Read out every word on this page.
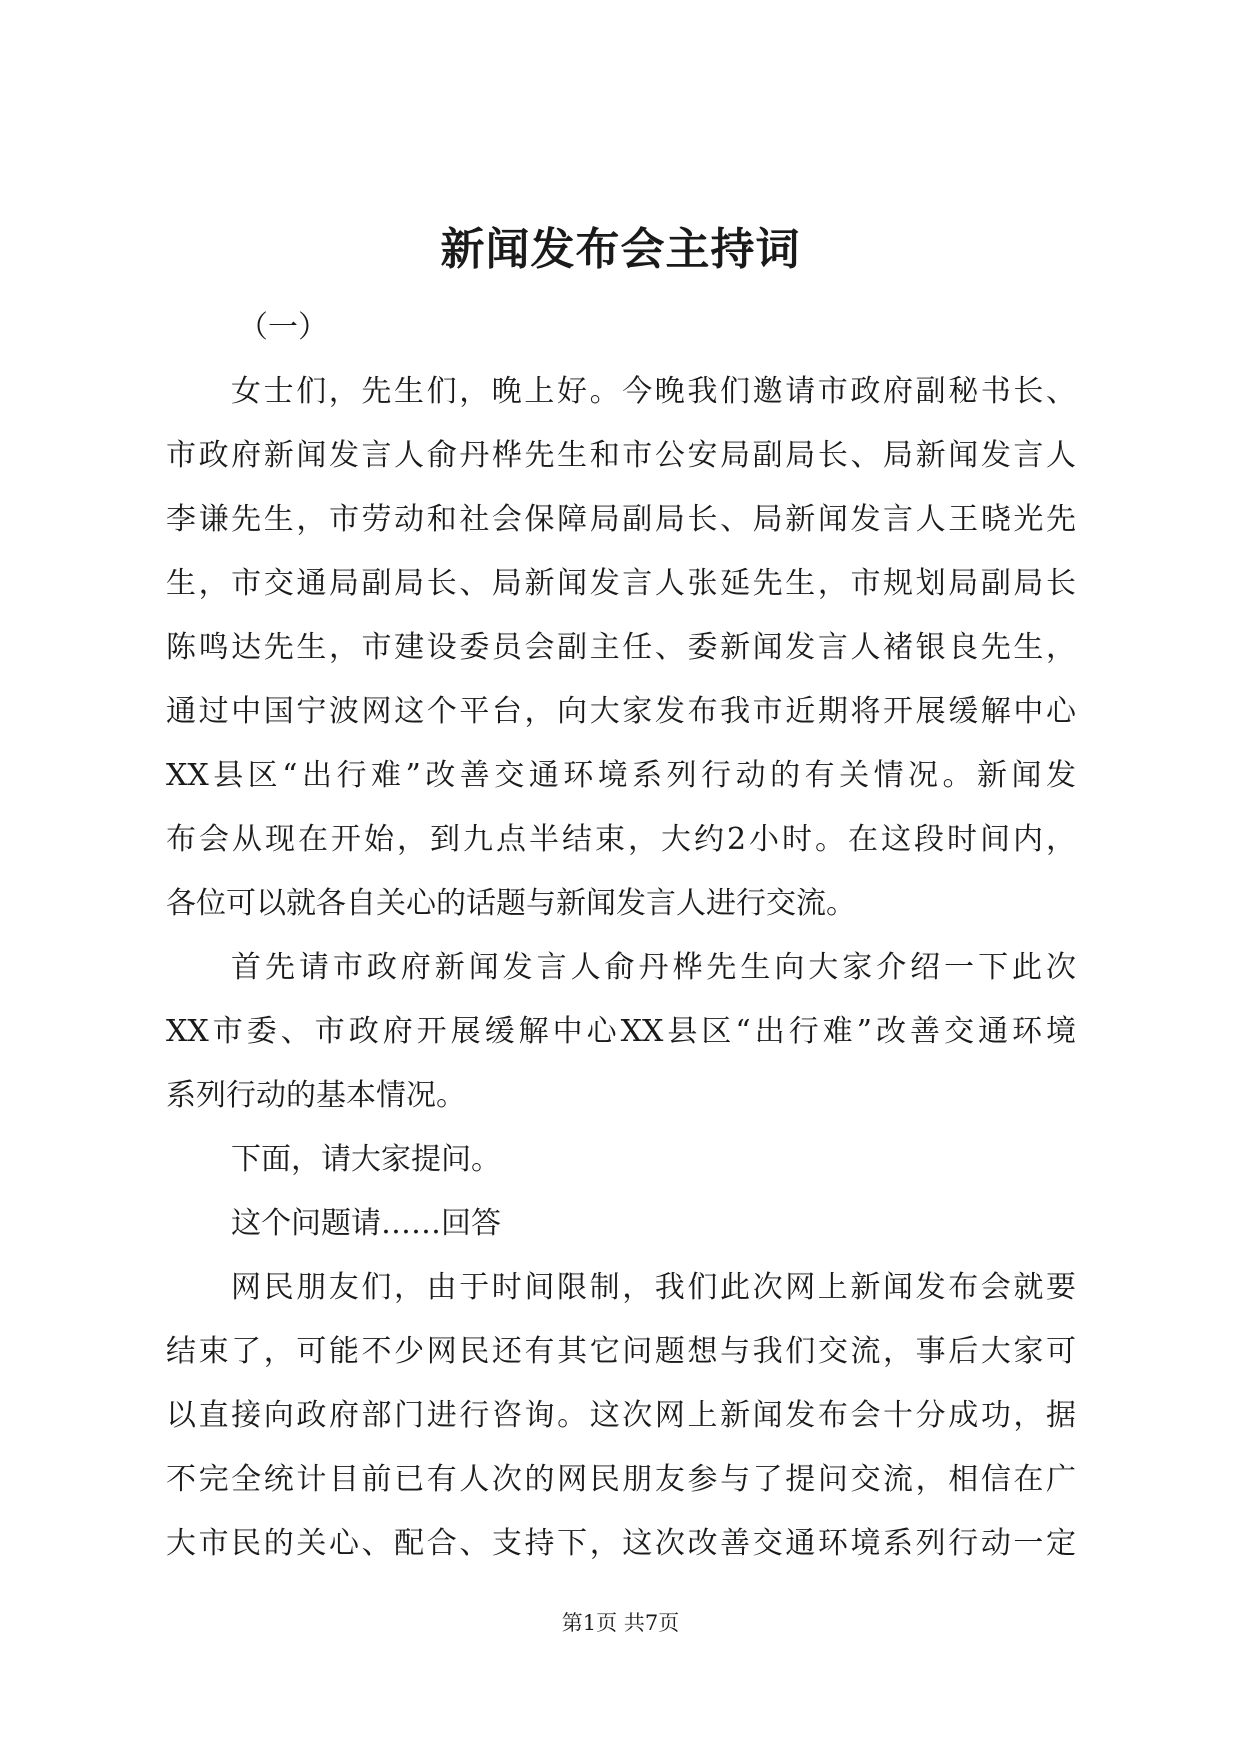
新闻发布会主持词
（一）
女士们，先生们，晚上好。今晚我们邀请市政府副秘书长、
市政府新闻发言人俞丹桦先生和市公安局副局长、局新闻发言人
李谦先生，市劳动和社会保障局副局长、局新闻发言人王晓光先
生，市交通局副局长、局新闻发言人张延先生，市规划局副局长
陈鸣达先生，市建设委员会副主任、委新闻发言人褚银良先生，
通过中国宁波网这个平台，向大家发布我市近期将开展缓解中心
XX县区“出行难”改善交通环境系列行动的有关情况。新闻发
布会从现在开始，到九点半结束，大约2小时。在这段时间内，
各位可以就各自关心的话题与新闻发言人进行交流。
首先请市政府新闻发言人俞丹桦先生向大家介绍一下此次
XX市委、市政府开展缓解中心XX县区“出行难”改善交通环境
系列行动的基本情况。
下面，请大家提问。
这个问题请……回答
网民朋友们，由于时间限制，我们此次网上新闻发布会就要
结束了，可能不少网民还有其它问题想与我们交流，事后大家可
以直接向政府部门进行咨询。这次网上新闻发布会十分成功，据
不完全统计目前已有人次的网民朋友参与了提问交流，相信在广
大市民的关心、配合、支持下，这次改善交通环境系列行动一定
第1页 共7页
